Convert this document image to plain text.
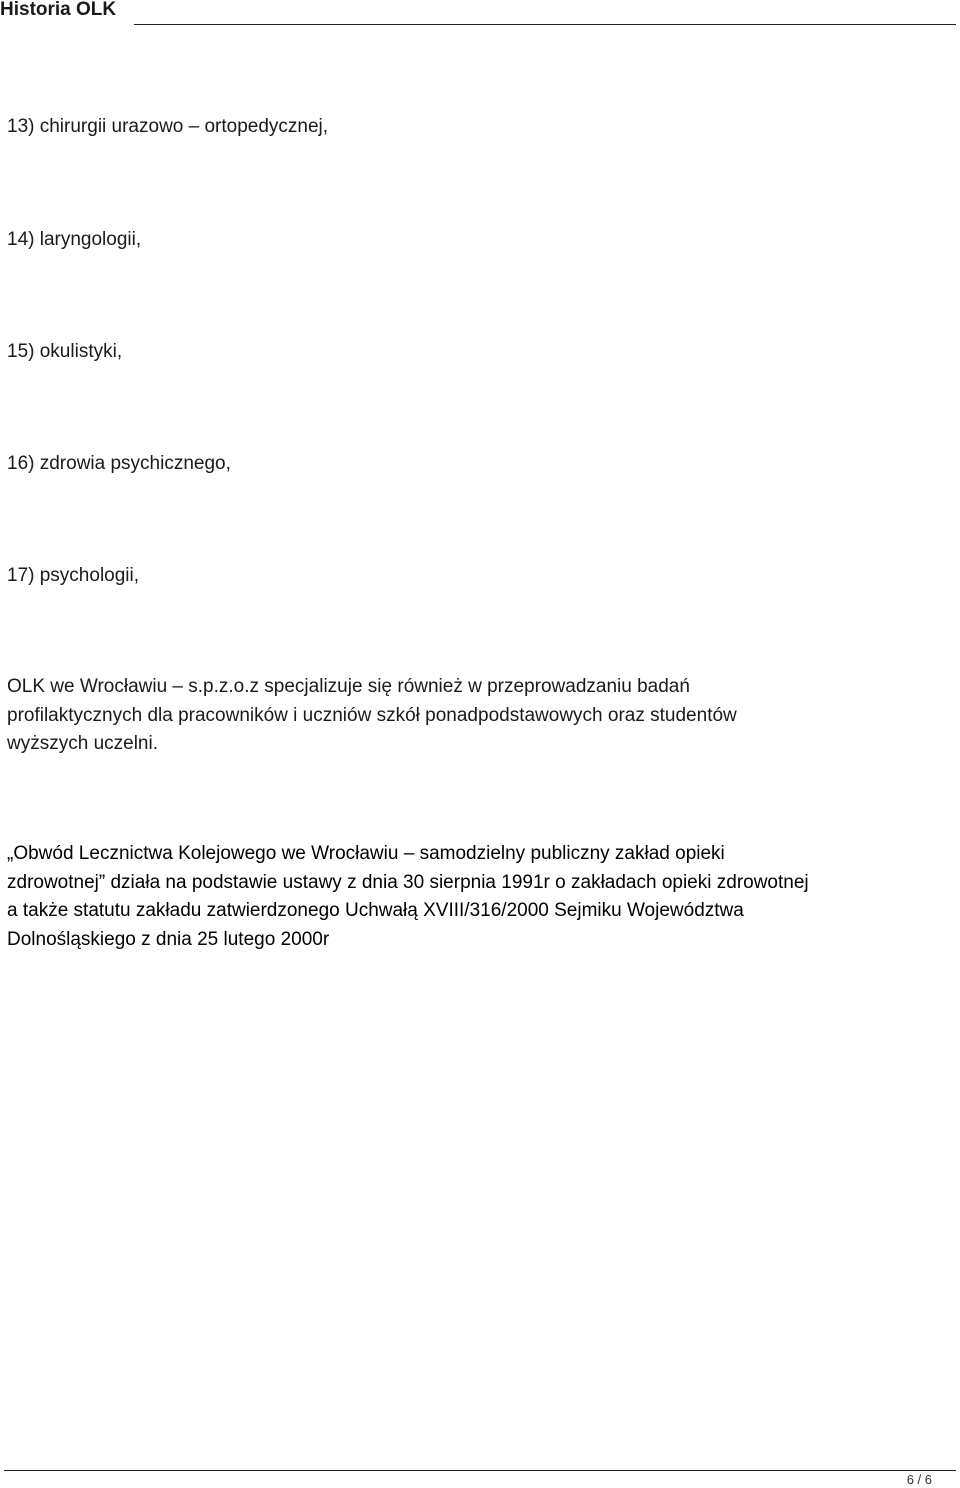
Historia OLK
13) chirurgii urazowo – ortopedycznej,
14) laryngologii,
15) okulistyki,
16) zdrowia psychicznego,
17) psychologii,
OLK we Wrocławiu – s.p.z.o.z specjalizuje się również w przeprowadzaniu badań
profilaktycznych dla pracowników i uczniów szkół ponadpodstawowych oraz studentów
wyższych uczelni.
„Obwód Lecznictwa Kolejowego we Wrocławiu – samodzielny publiczny zakład opieki
zdrowotnej” działa na podstawie ustawy z dnia 30 sierpnia 1991r o zakładach opieki zdrowotnej
a także statutu zakładu zatwierdzonego Uchwałą XVIII/316/2000 Sejmiku Województwa
Dolnośląskiego z dnia 25 lutego 2000r
6 / 6
